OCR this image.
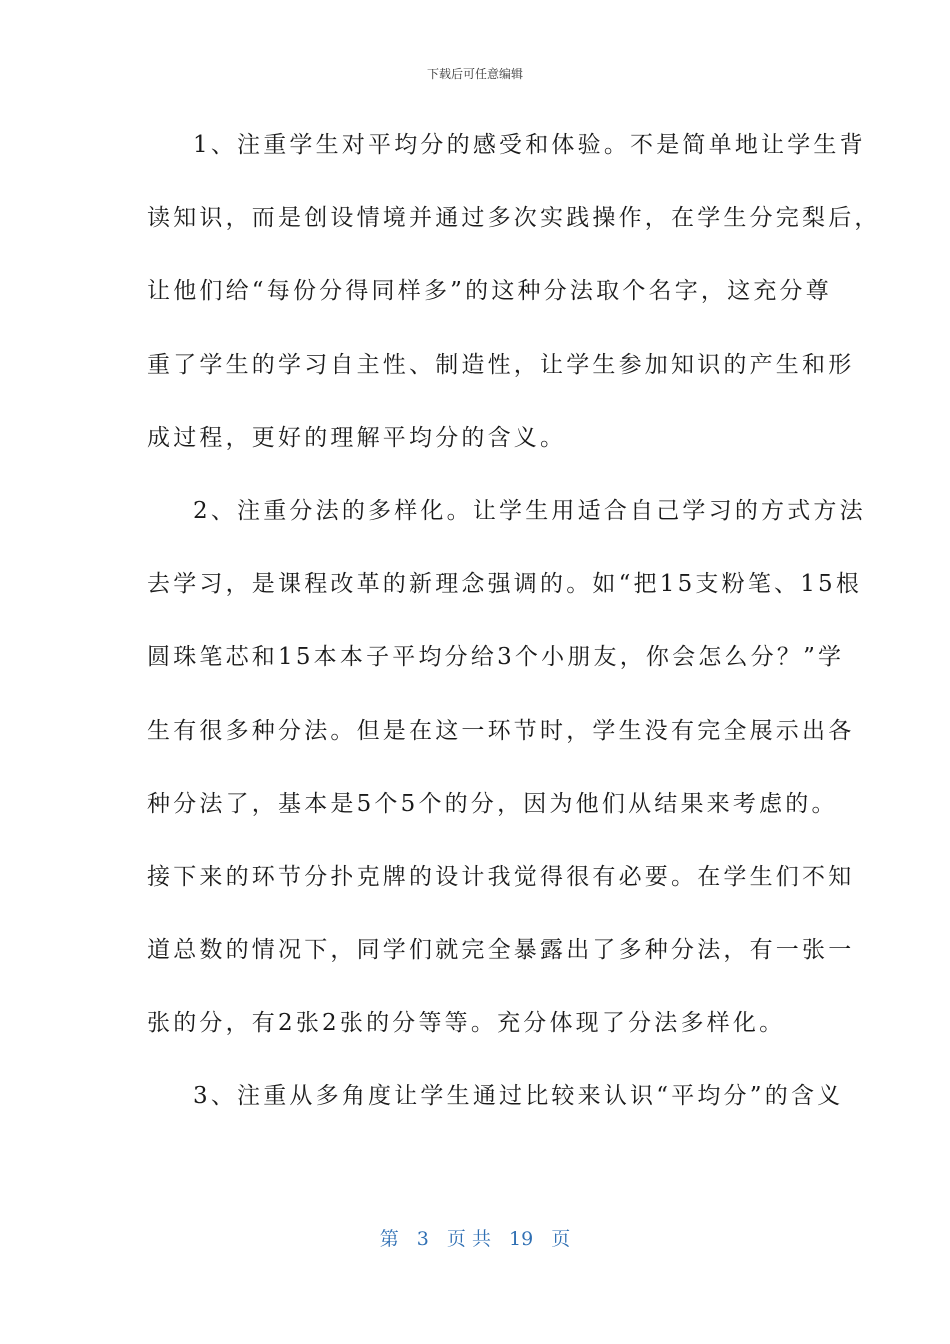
下载后可任意编辑
1、注重学生对平均分的感受和体验。不是简单地让学生背
读知识，而是创设情境并通过多次实践操作，在学生分完梨后，
让他们给“每份分得同样多”的这种分法取个名字，这充分尊
重了学生的学习自主性、制造性，让学生参加知识的产生和形
成过程，更好的理解平均分的含义。
2、注重分法的多样化。让学生用适合自己学习的方式方法
去学习，是课程改革的新理念强调的。如“把15支粉笔、15根
圆珠笔芯和15本本子平均分给3个小朋友，你会怎么分？”学
生有很多种分法。但是在这一环节时，学生没有完全展示出各
种分法了，基本是5个5个的分，因为他们从结果来考虑的。
接下来的环节分扑克牌的设计我觉得很有必要。在学生们不知
道总数的情况下，同学们就完全暴露出了多种分法，有一张一
张的分，有2张2张的分等等。充分体现了分法多样化。
3、注重从多角度让学生通过比较来认识“平均分”的含义
第 3 页 共 19 页
